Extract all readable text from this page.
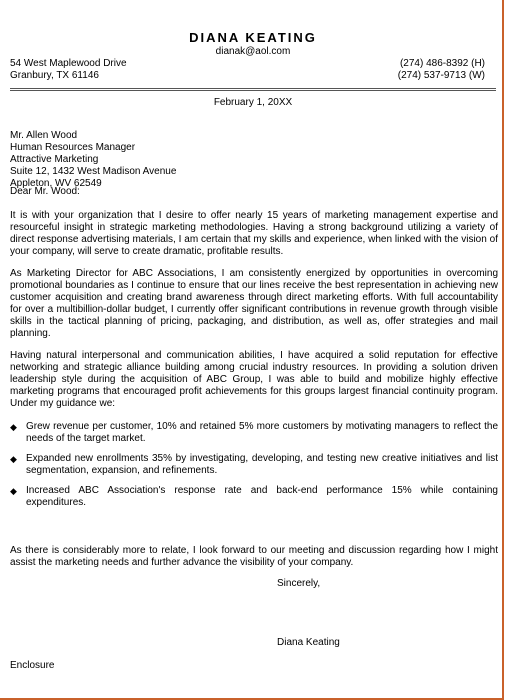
DIANA KEATING
dianak@aol.com
54 West Maplewood Drive
Granbury, TX 61146
(274) 486-8392 (H)
(274) 537-9713 (W)
February 1, 20XX
Mr. Allen Wood
Human Resources Manager
Attractive Marketing
Suite 12, 1432 West Madison Avenue
Appleton, WV 62549
Dear Mr. Wood:
It is with your organization that I desire to offer nearly 15 years of marketing management expertise and resourceful insight in strategic marketing methodologies. Having a strong background utilizing a variety of direct response advertising materials, I am certain that my skills and experience, when linked with the vision of your company, will serve to create dramatic, profitable results.
As Marketing Director for ABC Associations, I am consistently energized by opportunities in overcoming promotional boundaries as I continue to ensure that our lines receive the best representation in achieving new customer acquisition and creating brand awareness through direct marketing efforts. With full accountability for over a multibillion-dollar budget, I currently offer significant contributions in revenue growth through visible skills in the tactical planning of pricing, packaging, and distribution, as well as, offer strategies and mail planning.
Having natural interpersonal and communication abilities, I have acquired a solid reputation for effective networking and strategic alliance building among crucial industry resources. In providing a solution driven leadership style during the acquisition of ABC Group, I was able to build and mobilize highly effective marketing programs that encouraged profit achievements for this groups largest financial continuity program. Under my guidance we:
◆ Grew revenue per customer, 10% and retained 5% more customers by motivating managers to reflect the needs of the target market.
◆ Expanded new enrollments 35% by investigating, developing, and testing new creative initiatives and list segmentation, expansion, and refinements.
◆ Increased ABC Association's response rate and back-end performance 15% while containing expenditures.
As there is considerably more to relate, I look forward to our meeting and discussion regarding how I might assist the marketing needs and further advance the visibility of your company.
Sincerely,
Diana Keating
Enclosure
